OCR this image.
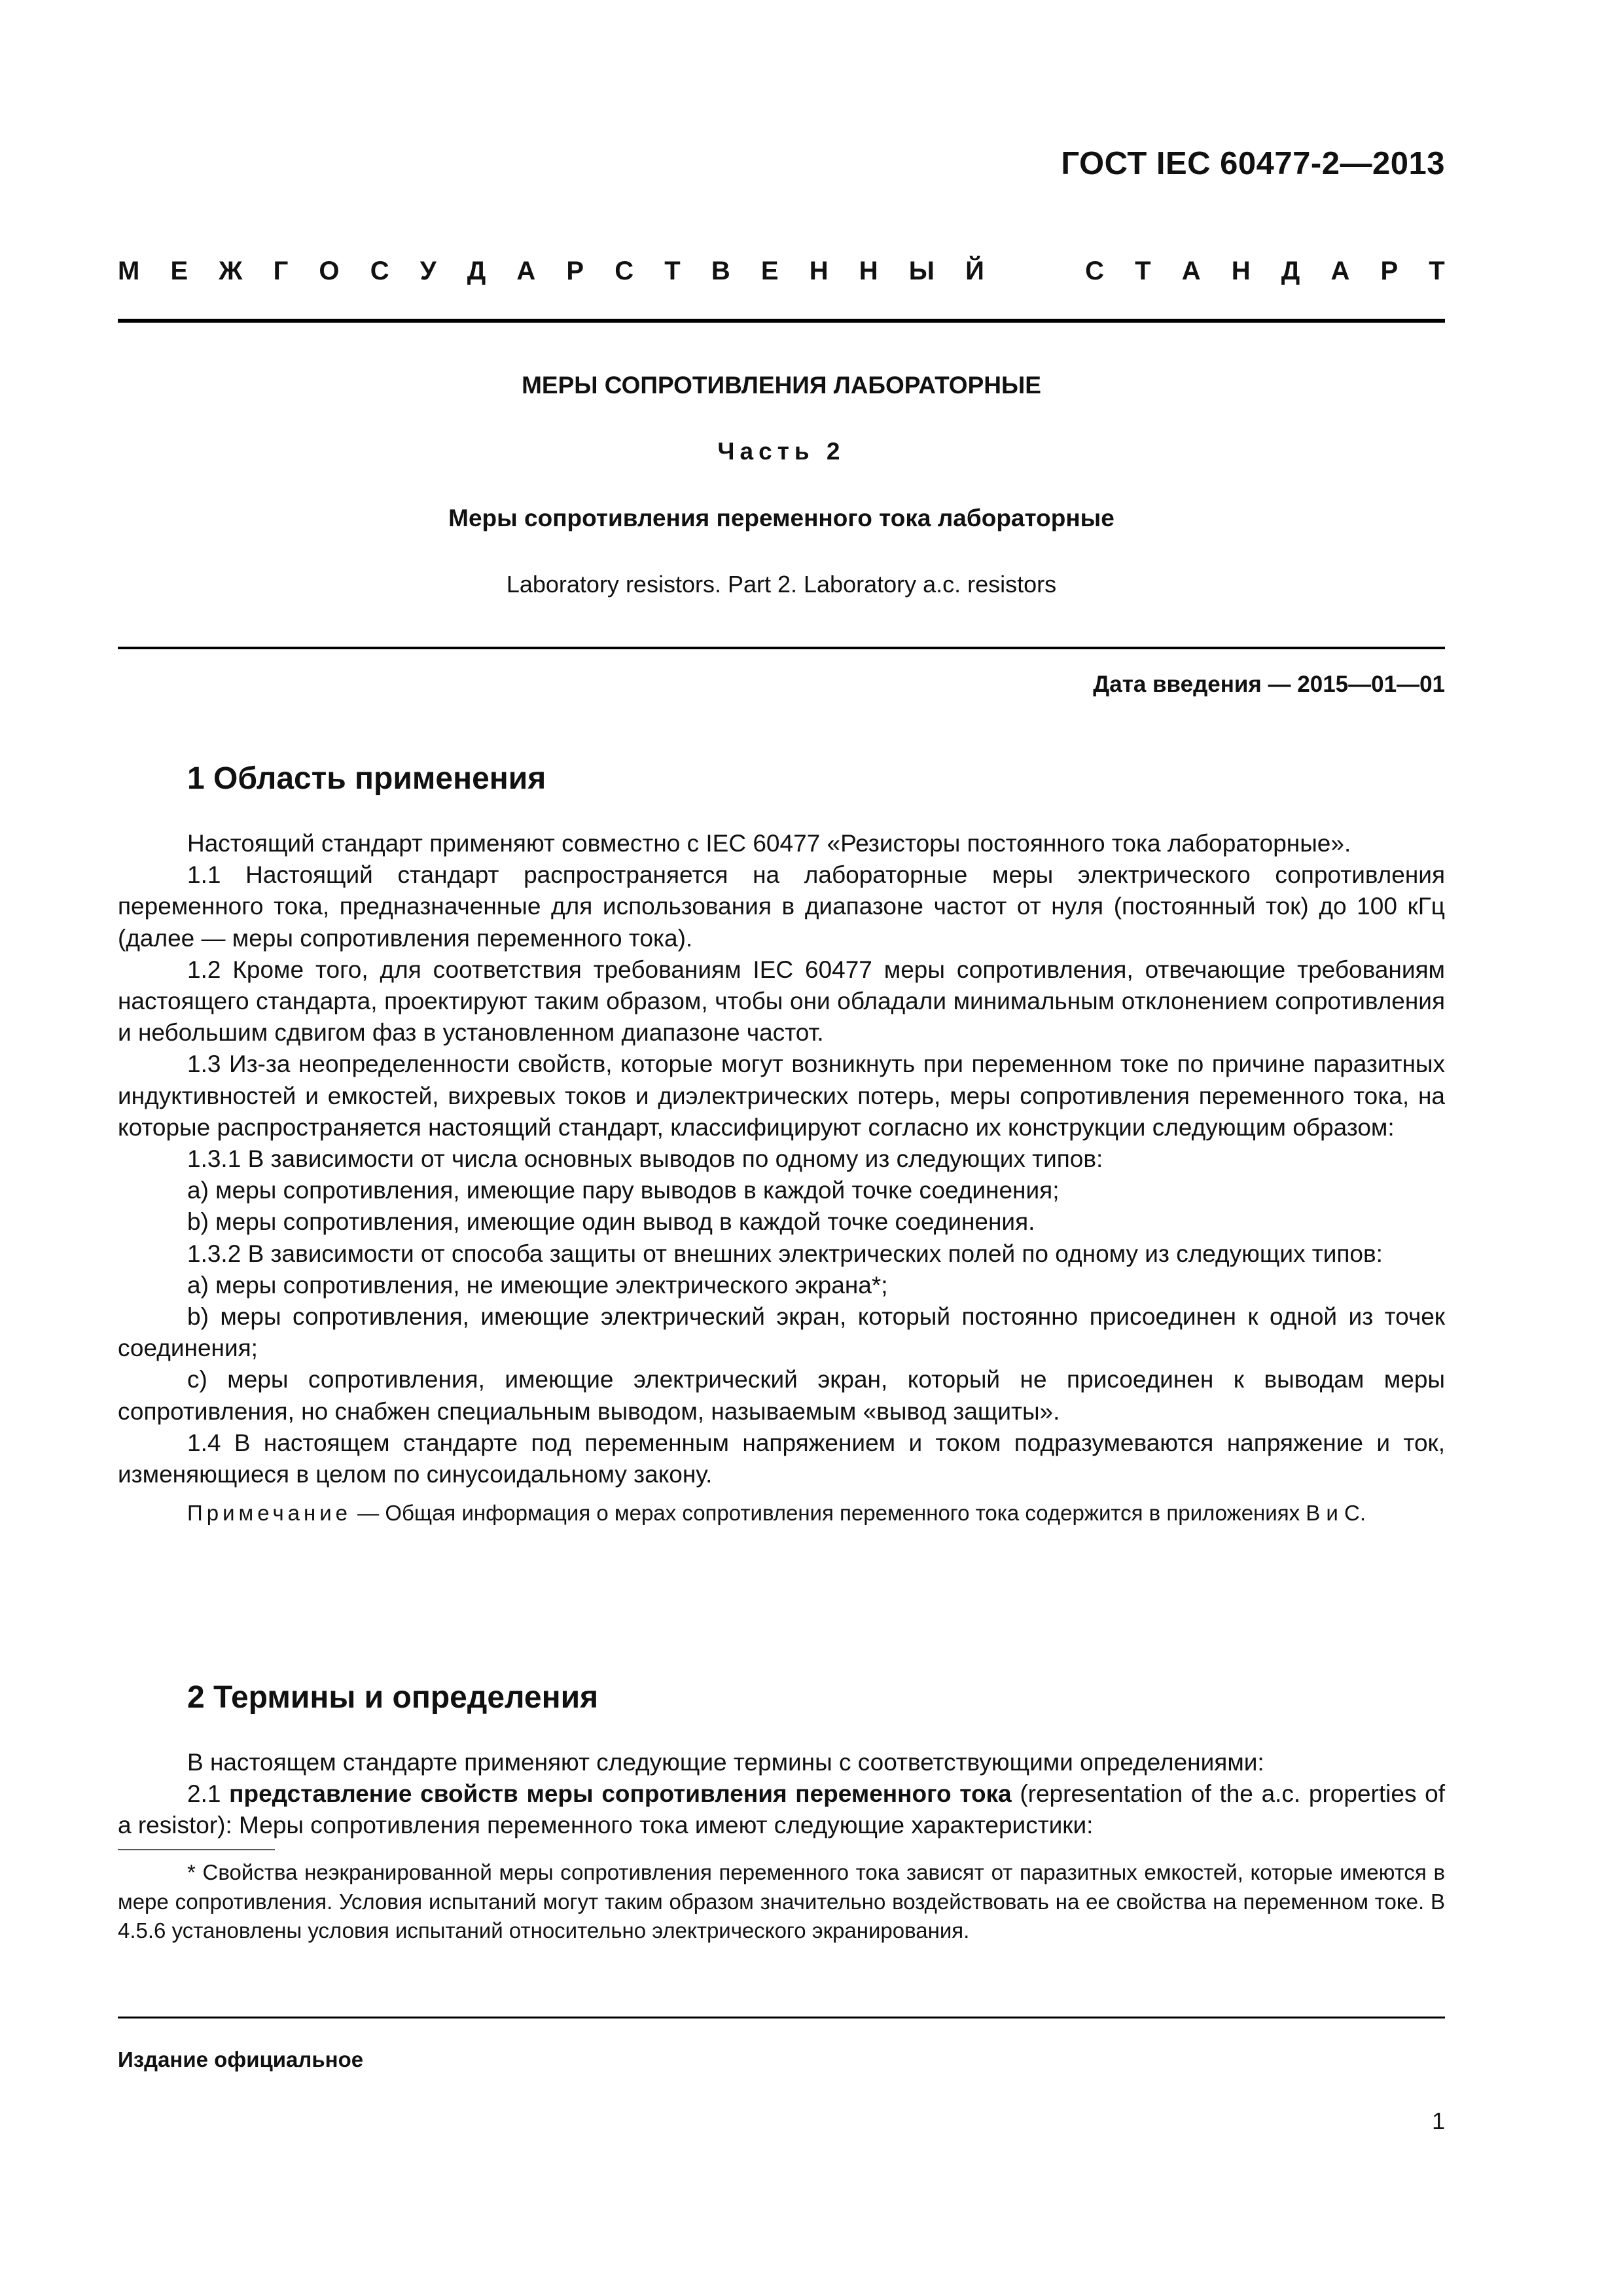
ГОСТ IEC 60477-2—2013
М Е Ж Г О С У Д А Р С Т В Е Н Н Ы Й	С Т А Н Д А Р Т
МЕРЫ СОПРОТИВЛЕНИЯ ЛАБОРАТОРНЫЕ
Часть 2
Меры сопротивления переменного тока лабораторные
Laboratory resistors. Part 2. Laboratory a.c. resistors
Дата введения — 2015—01—01
1 Область применения

Настоящий стандарт применяют совместно с IEC 60477 «Резисторы постоянного тока лабораторные».

1.1 Настоящий стандарт распространяется на лабораторные меры электрического сопротивления переменного тока, предназначенные для использования в диапазоне частот от нуля (постоянный ток) до 100 кГц (далее — меры сопротивления переменного тока).

1.2 Кроме того, для соответствия требованиям IEC 60477 меры сопротивления, отвечающие требованиям настоящего стандарта, проектируют таким образом, чтобы они обладали минимальным отклонением сопротивления и небольшим сдвигом фаз в установленном диапазоне частот.

1.3 Из-за неопределенности свойств, которые могут возникнуть при переменном токе по причине паразитных индуктивностей и емкостей, вихревых токов и диэлектрических потерь, меры сопротивления переменного тока, на которые распространяется настоящий стандарт, классифицируют согласно их конструкции следующим образом:

1.3.1 В зависимости от числа основных выводов по одному из следующих типов:

a) меры сопротивления, имеющие пару выводов в каждой точке соединения;

b) меры сопротивления, имеющие один вывод в каждой точке соединения.

1.3.2 В зависимости от способа защиты от внешних электрических полей по одному из следующих типов:

a) меры сопротивления, не имеющие электрического экрана*;

b) меры сопротивления, имеющие электрический экран, который постоянно присоединен к одной из точек соединения;

c) меры сопротивления, имеющие электрический экран, который не присоединен к выводам меры сопротивления, но снабжен специальным выводом, называемым «вывод защиты».

1.4 В настоящем стандарте под переменным напряжением и током подразумеваются напряжение и ток, изменяющиеся в целом по синусоидальному закону.

Примечание — Общая информация о мерах сопротивления переменного тока содержится в приложениях B и C.

2 Термины и определения

В настоящем стандарте применяют следующие термины с соответствующими определениями:

2.1 представление свойств меры сопротивления переменного тока (representation of the a.c. properties of a resistor): Меры сопротивления переменного тока имеют следующие характеристики:

* Свойства неэкранированной меры сопротивления переменного тока зависят от паразитных емкостей, которые имеются в мере сопротивления. Условия испытаний могут таким образом значительно воздействовать на ее свойства на переменном токе. В 4.5.6 установлены условия испытаний относительно электрического экранирования.

Издание официальное
1
